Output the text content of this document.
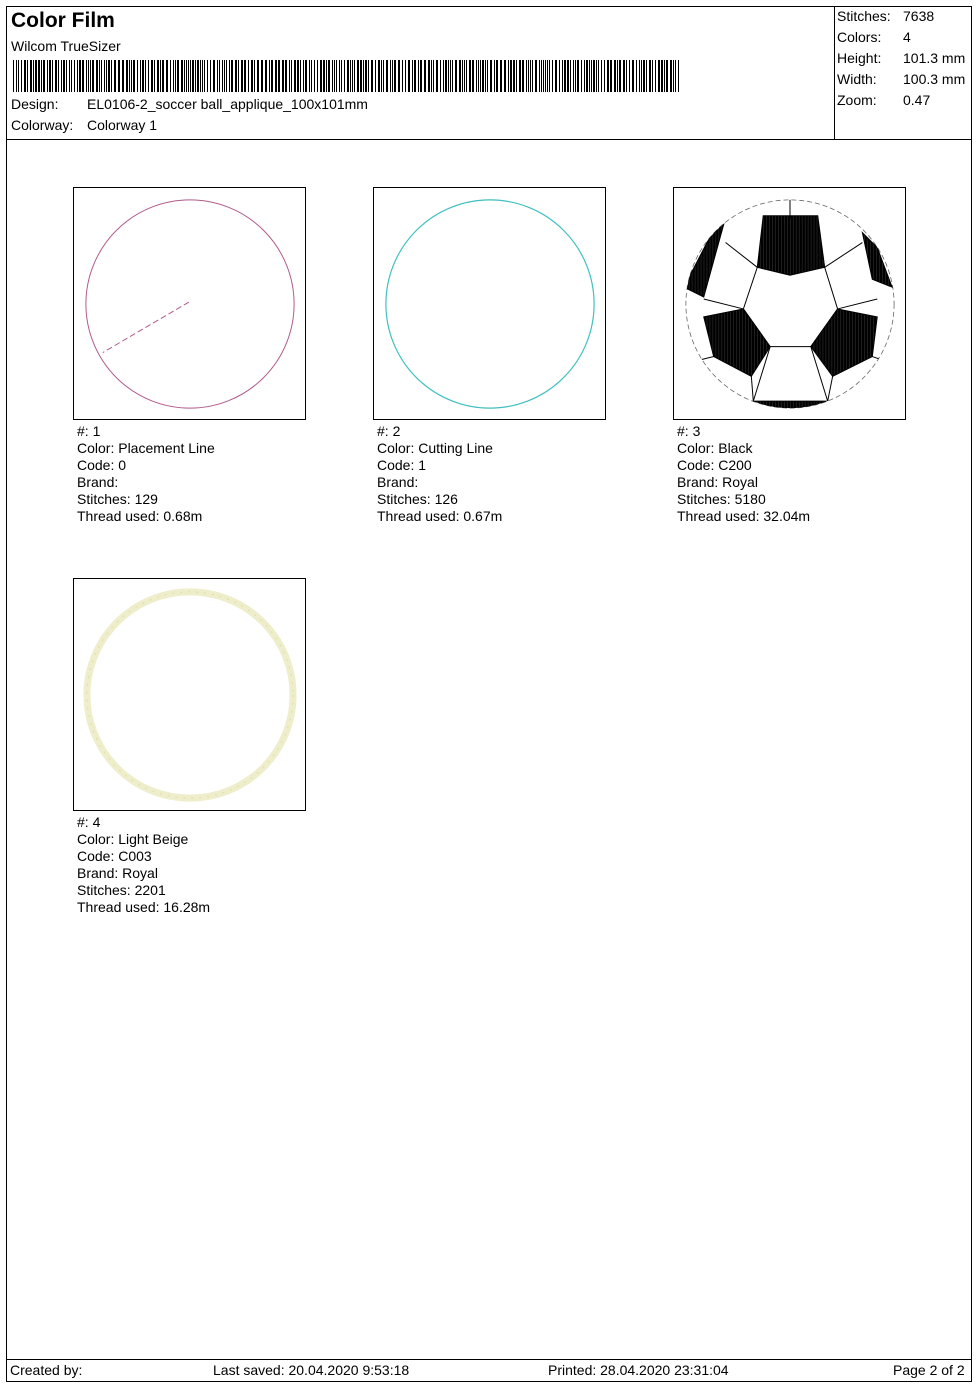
Color Film
Wilcom TrueSizer
Design: EL0106-2_soccer ball_applique_100x101mm
Colorway: Colorway 1
Stitches: 7638
Colors: 4
Height: 101.3 mm
Width: 100.3 mm
Zoom: 0.47
#: 1
Color: Placement Line
Code: 0
Brand:
Stitches: 129
Thread used: 0.68m
#: 2
Color: Cutting Line
Code: 1
Brand:
Stitches: 126
Thread used: 0.67m
#: 3
Color: Black
Code: C200
Brand: Royal
Stitches: 5180
Thread used: 32.04m
#: 4
Color: Light Beige
Code: C003
Brand: Royal
Stitches: 2201
Thread used: 16.28m
Created by:	Last saved: 20.04.2020 9:53:18	Printed: 28.04.2020 23:31:04	Page 2 of 2
